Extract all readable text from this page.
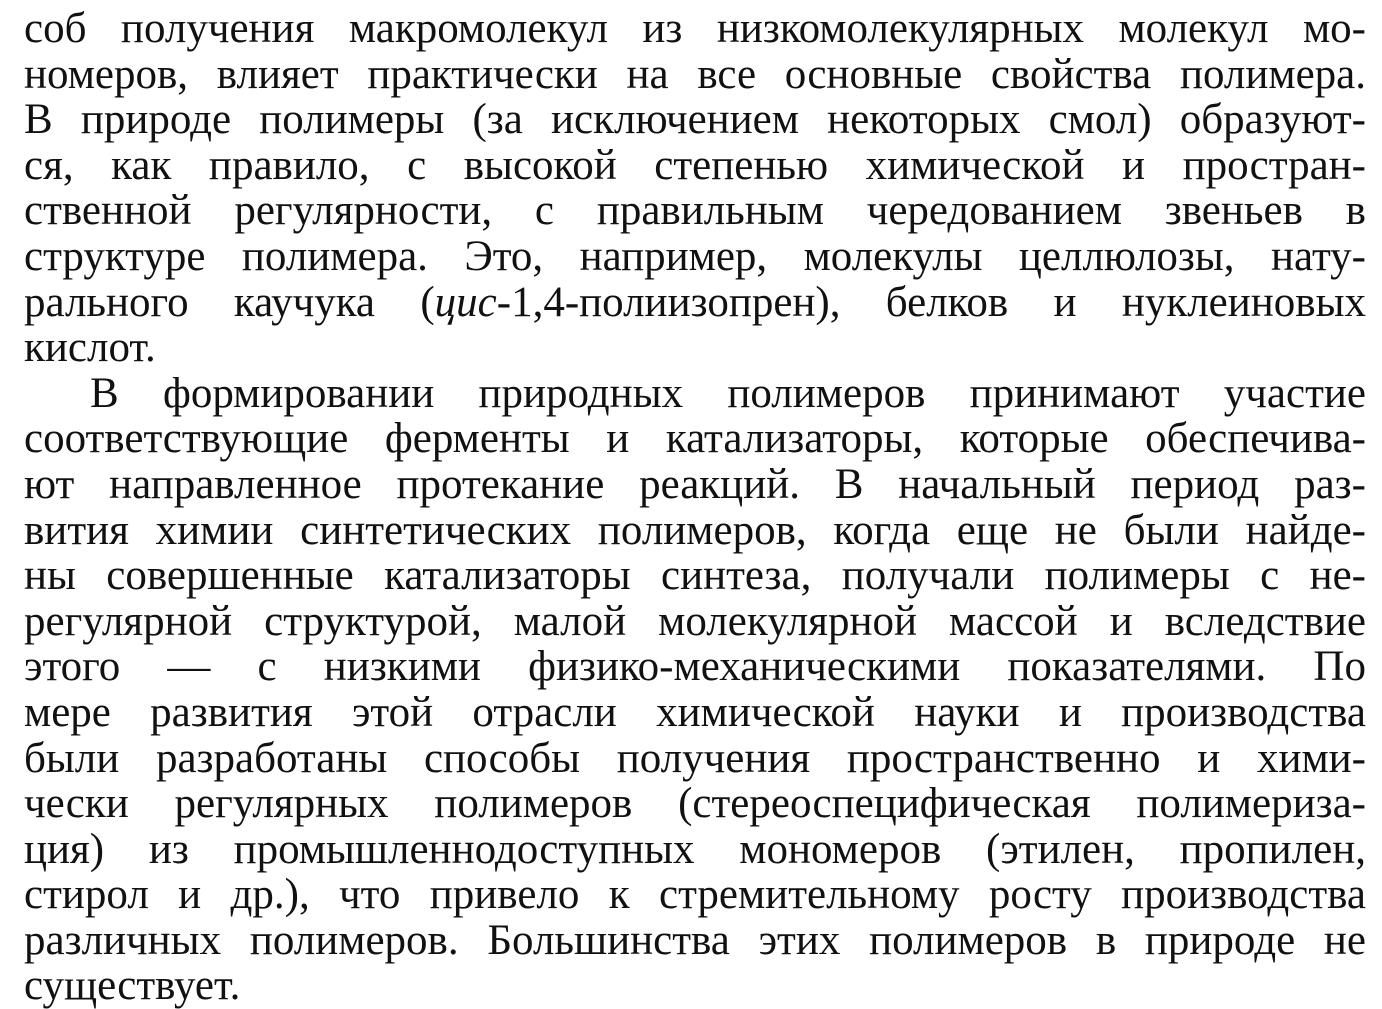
соб получения макромолекул из низкомолекулярных молекул мо-
номеров, влияет практически на все основные свойства полимера.
В природе полимеры (за исключением некоторых смол) образуют-
ся, как правило, с высокой степенью химической и простран-
ственной регулярности, с правильным чередованием звеньев в
структуре полимера. Это, например, молекулы целлюлозы, нату-
рального каучука (цис-1,4-полиизопрен), белков и нуклеиновых
кислот.
В формировании природных полимеров принимают участие
соответствующие ферменты и катализаторы, которые обеспечива-
ют направленное протекание реакций. В начальный период раз-
вития химии синтетических полимеров, когда еще не были найде-
ны совершенные катализаторы синтеза, получали полимеры с не-
регулярной структурой, малой молекулярной массой и вследствие
этого — с низкими физико-механическими показателями. По
мере развития этой отрасли химической науки и производства
были разработаны способы получения пространственно и хими-
чески регулярных полимеров (стереоспецифическая полимериза-
ция) из промышленнодоступных мономеров (этилен, пропилен,
стирол и др.), что привело к стремительному росту производства
различных полимеров. Большинства этих полимеров в природе не
существует.
